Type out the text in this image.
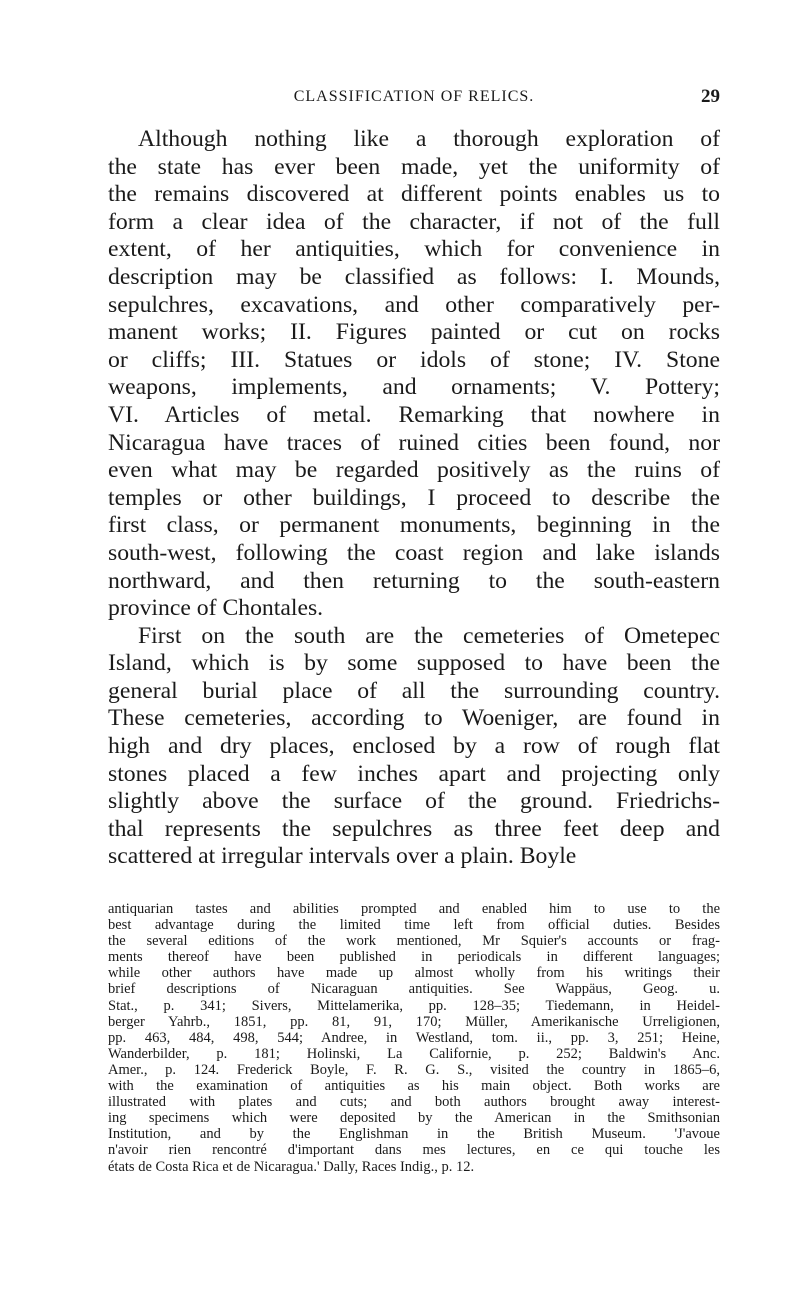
CLASSIFICATION OF RELICS.	29
Although nothing like a thorough exploration of
the state has ever been made, yet the uniformity of
the remains discovered at different points enables us to
form a clear idea of the character, if not of the full
extent, of her antiquities, which for convenience in
description may be classified as follows: I. Mounds,
sepulchres, excavations, and other comparatively per-
manent works; II. Figures painted or cut on rocks
or cliffs; III. Statues or idols of stone; IV. Stone
weapons, implements, and ornaments; V. Pottery;
VI. Articles of metal. Remarking that nowhere in
Nicaragua have traces of ruined cities been found, nor
even what may be regarded positively as the ruins of
temples or other buildings, I proceed to describe the
first class, or permanent monuments, beginning in the
south-west, following the coast region and lake islands
northward, and then returning to the south-eastern
province of Chontales.
First on the south are the cemeteries of Ometepec
Island, which is by some supposed to have been the
general burial place of all the surrounding country.
These cemeteries, according to Woeniger, are found in
high and dry places, enclosed by a row of rough flat
stones placed a few inches apart and projecting only
slightly above the surface of the ground. Friedrichs-
thal represents the sepulchres as three feet deep and
scattered at irregular intervals over a plain. Boyle
antiquarian tastes and abilities prompted and enabled him to use to the
best advantage during the limited time left from official duties. Besides
the several editions of the work mentioned, Mr Squier's accounts or frag-
ments thereof have been published in periodicals in different languages;
while other authors have made up almost wholly from his writings their
brief descriptions of Nicaraguan antiquities. See Wappäus, Geog. u.
Stat., p. 341; Sivers, Mittelamerika, pp. 128–35; Tiedemann, in Heidel-
berger Yahrb., 1851, pp. 81, 91, 170; Müller, Amerikanische Urreligionen,
pp. 463, 484, 498, 544; Andree, in Westland, tom. ii., pp. 3, 251; Heine,
Wanderbilder, p. 181; Holinski, La Californie, p. 252; Baldwin's Anc.
Amer., p. 124. Frederick Boyle, F. R. G. S., visited the country in 1865–6,
with the examination of antiquities as his main object. Both works are
illustrated with plates and cuts; and both authors brought away interest-
ing specimens which were deposited by the American in the Smithsonian
Institution, and by the Englishman in the British Museum. 'J'avoue
n'avoir rien rencontré d'important dans mes lectures, en ce qui touche les
états de Costa Rica et de Nicaragua.' Dally, Races Indig., p. 12.
